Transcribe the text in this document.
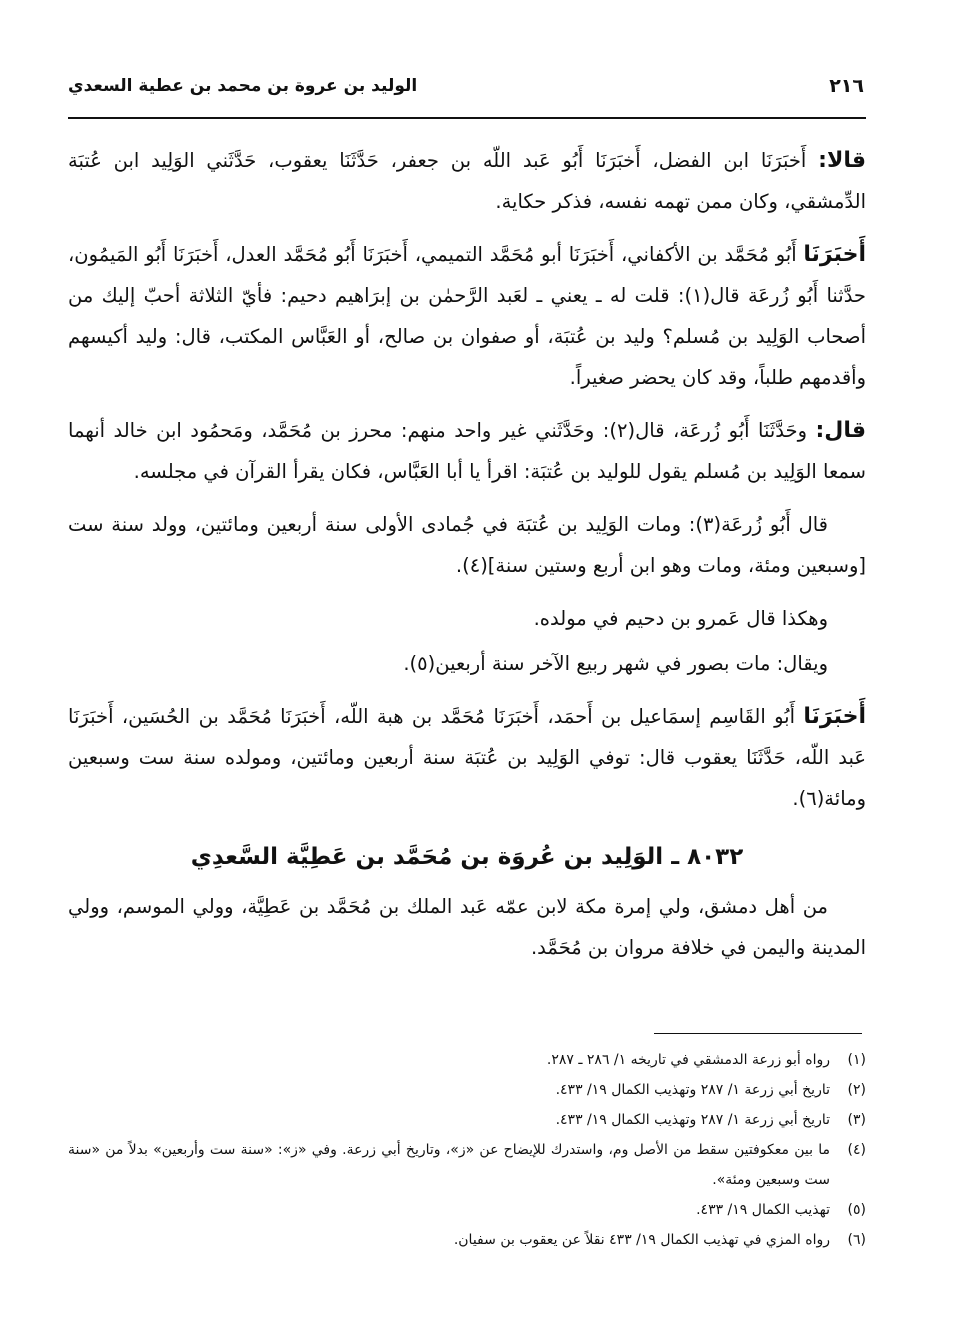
٢١٦
الوليد بن عروة بن محمد بن عطية السعدي

قالا: أَخبَرَنَا ابن الفضل، أَخبَرَنَا أَبُو عَبد اللّه بن جعفر، حَدَّثَنَا يعقوب، حَدَّثَني الوَلِيد ابن عُتبَة الدِّمشقي، وكان ممن تهمه نفسه، فذكر حكاية.

أَخبَرَنَا أَبُو مُحَمَّد بن الأكفاني، أَخبَرَنَا أبو مُحَمَّد التميمي، أَخبَرَنَا أَبُو مُحَمَّد العدل، أَخبَرَنَا أَبُو المَيمُون، حدَّثنا أَبُو زُرعَة قال(١): قلت له ـ يعني ـ لعَبد الرَّحمٰن بن إبرَاهيم دحيم: فأيّ الثلاثة أحبّ إليك من أصحاب الوَلِيد بن مُسلم؟ وليد بن عُتبَة، أو صفوان بن صالح، أو العَبَّاس المكتب، قال: وليد أكيسهم وأقدمهم طلباً، وقد كان يحضر صغيراً.

قال: وحَدَّثَنَا أَبُو زُرعَة، قال(٢): وحَدَّثَني غير واحد منهم: محرز بن مُحَمَّد، ومَحمُود ابن خالد أنهما سمعا الوَلِيد بن مُسلم يقول للوليد بن عُتبَة: اقرأ يا أبا العَبَّاس، فكان يقرأ القرآن في مجلسه.

قال أَبُو زُرعَة(٣): ومات الوَلِيد بن عُتبَة في جُمادى الأولى سنة أربعين ومائتين، وولد سنة ست [وسبعين ومئة، ومات وهو ابن أربع وستين سنة](٤).

وهكذا قال عَمرو بن دحيم في مولده.

ويقال: مات بصور في شهر ربيع الآخر سنة أربعين(٥).

أَخبَرَنَا أَبُو القَاسِم إسمَاعيل بن أَحمَد، أَخبَرَنَا مُحَمَّد بن هبة اللّه، أَخبَرَنَا مُحَمَّد بن الحُسَين، أَخبَرَنَا عَبد اللّه، حَدَّثَنَا يعقوب قال: توفي الوَلِيد بن عُتبَة سنة أربعين ومائتين، ومولده سنة ست وسبعين ومائة(٦).

٨٠٣٢ ـ الوَلِيد بن عُروَة بن مُحَمَّد بن عَطِيَّة السَّعدِي

من أهل دمشق، ولي إمرة مكة لابن عمّه عَبد الملك بن مُحَمَّد بن عَطِيَّة، وولي الموسم، وولي المدينة واليمن في خلافة مروان بن مُحَمَّد.

(١)
رواه أبو زرعة الدمشقي في تاريخه ١/ ٢٨٦ ـ ٢٨٧.
(٢)
تاريخ أبي زرعة ١/ ٢٨٧ وتهذيب الكمال ١٩/ ٤٣٣.
(٣)
تاريخ أبي زرعة ١/ ٢٨٧ وتهذيب الكمال ١٩/ ٤٣٣.
(٤)
ما بين معكوفتين سقط من الأصل وم، واستدرك للإيضاح عن «ز»، وتاريخ أبي زرعة. وفي «ز»: «سنة ست وأربعين» بدلاً من «سنة ست وسبعين ومئة».
(٥)
تهذيب الكمال ١٩/ ٤٣٣.
(٦)
رواه المزي في تهذيب الكمال ١٩/ ٤٣٣ نقلاً عن يعقوب بن سفيان.
